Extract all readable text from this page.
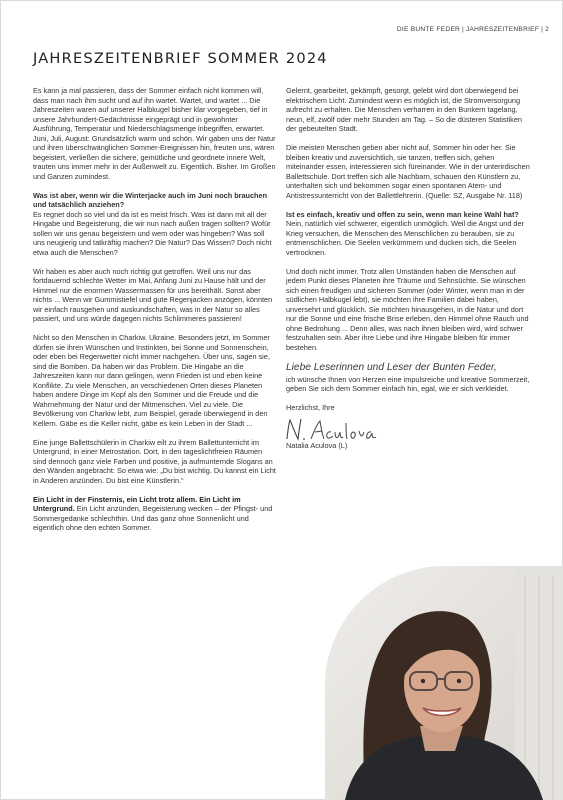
DIE BUNTE FEDER | JAHRESZEITENBRIEF | 2
JAHRESZEITENBRIEF SOMMER 2024

Es kann ja mal passieren, dass der Sommer einfach nicht kommen will, dass man nach ihm sucht und auf ihn wartet. Wartet, und wartet ... Die Jahreszeiten waren auf unserer Halbkugel bisher klar vorgegeben, tief in unsere Jahrhundert-Gedächtnisse eingeprägt und in gewohnter Ausführung, Temperatur und Niederschlagsmenge inbegriffen, erwartet. Juni, Juli, August: Grundsätzlich warm und schön. Wir gaben uns der Natur und ihren überschwänglichen Sommer-Ereignissen hin, freuten uns, wären begeistert, verließen die sichere, gemütliche und geordnete innere Welt, trauten uns immer mehr in der Außenwelt zu. Eigentlich. Bisher. Im Großen und Ganzen zumindest.

Was ist aber, wenn wir die Winterjacke auch im Juni noch brauchen und tatsächlich anziehen?
Es regnet doch so viel und da ist es meist frisch. Was ist dann mit all der Hingabe und Begeisterung, die wir nun nach außen tragen sollten? Wofür sollen wir uns genau begeistern und wem oder was hingeben? Was soll uns neugierig und tatkräftig machen? Die Natur? Das Wissen? Doch nicht etwa auch die Menschen?

Wir haben es aber auch noch richtig gut getroffen. Weil uns nur das fortdauernd schlechte Wetter im Mai, Anfang Juni zu Hause hält und der Himmel nur die enormen Wassermassen für uns bereithält. Sonst aber nichts ... Wenn wir Gummistiefel und gute Regenjacken anzögen, könnten wir einfach rausgehen und auskundschaften, was in der Natur so alles passiert, und uns würde dagegen nichts Schlimmeres passieren!

Nicht so den Menschen in Charkiw. Ukraine. Besonders jetzt, im Sommer dürfen sie ihren Wünschen und Instinkten, bei Sonne und Sonnenschein, oder eben bei Regenwetter nicht immer nachgehen. Über uns, sagen sie, sind die Bomben. Da haben wir das Problem. Die Hingabe an die Jahreszeiten kann nur dann gelingen, wenn Frieden ist und eben keine Konflikte. Zu viele Menschen, an verschiedenen Orten dieses Planeten haben andere Dinge im Kopf als den Sommer und die Freude und die Wahrnehmung der Natur und der Mitmenschen. Viel zu viele. Die Bevölkerung von Charkiw lebt, zum Beispiel, gerade überwiegend in den Kellern. Gäbe es die Keller nicht, gäbe es kein Leben in der Stadt ...

Eine junge Ballettschülerin in Charkiw eilt zu ihrem Ballettunterricht im Untergrund, in einer Metrostation. Dort, in den tageslichtfreien Räumen sind dennoch ganz viele Farben und positive, ja aufmunternde Slogans an den Wänden angebracht: So etwa wie: „Du bist wichtig. Du kannst ein Licht in Anderen anzünden. Du bist eine Künstlerin.“

Ein Licht in der Finsternis, ein Licht trotz allem. Ein Licht im Untergrund. Ein Licht anzünden, Begeisterung wecken – der Pfingst- und Sommergedanke schlechthin. Und das ganz ohne Sonnenlicht und eigentlich ohne den echten Sommer.

Gelernt, gearbeitet, gekämpft, gesorgt, gelebt wird dort überwiegend bei elektrischem Licht. Zumindest wenn es möglich ist, die Stromversorgung aufrecht zu erhalten. Die Menschen verharren in den Bunkern tagelang, neun, elf, zwölf oder mehr Stunden am Tag. – So die düsteren Statistiken der gebeutelten Stadt.

Die meisten Menschen geben aber nicht auf, Sommer hin oder her. Sie bleiben kreativ und zuversichtlich, sie tanzen, treffen sich, gehen miteinander essen, interessieren sich füreinander. Wie in der unterirdischen Ballettschule. Dort treffen sich alle Nachbarn, schauen den Künstlern zu, unterhalten sich und bekommen sogar einen spontanen Atem- und Antistressunterricht von der Ballettlehrerin. (Quelle: SZ, Ausgabe Nr. 118)

Ist es einfach, kreativ und offen zu sein, wenn man keine Wahl hat?
Nein, natürlich viel schwerer, eigentlich unmöglich. Weil die Angst und der Krieg versuchen, die Menschen des Menschlichen zu berauben, sie zu entmenschlichen. Die Seelen verkümmern und ducken sich, die Seelen vertrocknen.

Und doch nicht immer. Trotz allen Umständen haben die Menschen auf jedem Punkt dieses Planeten ihre Träume und Sehnsüchte. Sie wünschen sich einen freudigen und sicheren Sommer (oder Winter, wenn man in der südlichen Halbkugel lebt), sie möchten ihre Familien dabei haben, unversehrt und glücklich. Sie möchten hinausgehen, in die Natur und dort nur die Sonne und eine frische Brise erleben, den Himmel ohne Rauch und ohne Bedrohung ... Denn alles, was nach ihnen bleiben wird, wird schwer festzuhalten sein. Aber ihre Liebe und ihre Hingabe bleiben für immer bestehen.

Liebe Leserinnen und Leser der Bunten Feder,
ich wünsche Ihnen von Herzen eine impulsreiche und kreative Sommerzeit, geben Sie sich dem Sommer einfach hin, egal, wie er sich verkleidet.

Herzlichst, Ihre

Natalia Aculova (L)
